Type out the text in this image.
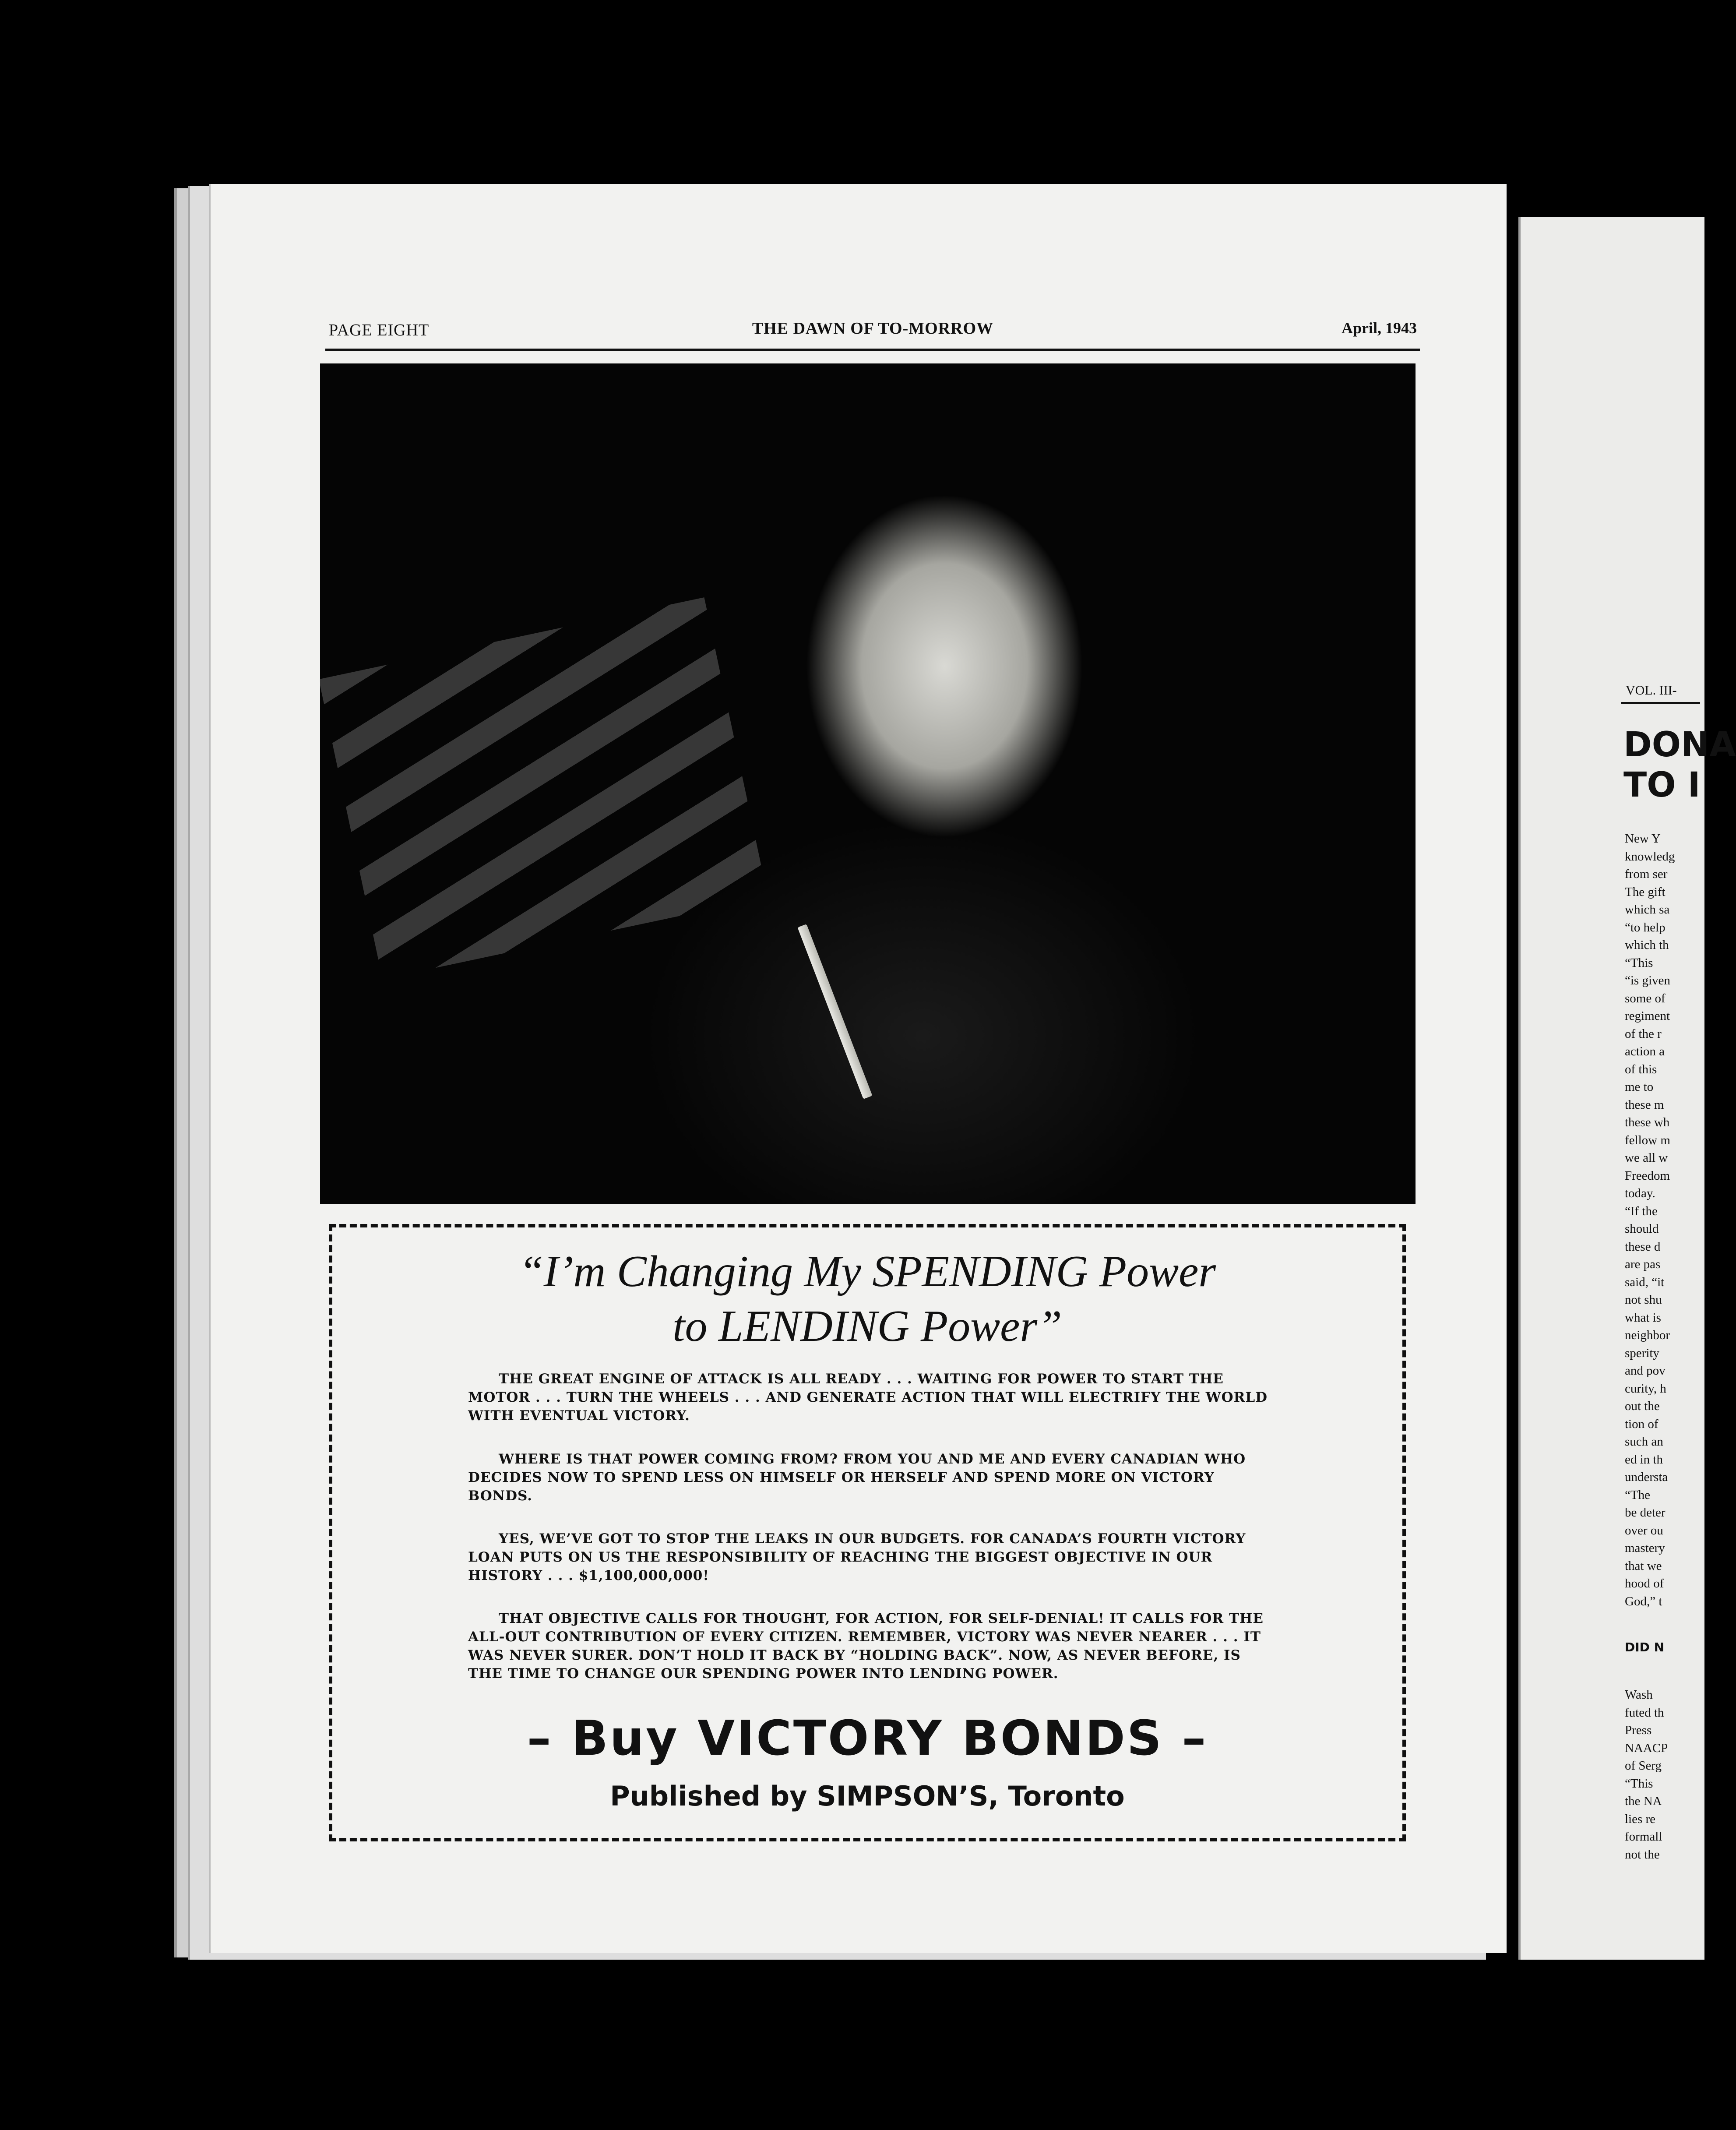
PAGE EIGHT	THE DAWN OF TO-MORROW	April, 1943
“I’m Changing My SPENDING Power
to LENDING Power”

THE GREAT ENGINE OF ATTACK IS ALL READY . . . WAITING FOR POWER TO START THE MOTOR . . . TURN THE WHEELS . . . AND GENERATE ACTION THAT WILL ELECTRIFY THE WORLD WITH EVENTUAL VICTORY.

WHERE IS THAT POWER COMING FROM? FROM YOU AND ME AND EVERY CANADIAN WHO DECIDES NOW TO SPEND LESS ON HIMSELF OR HERSELF AND SPEND MORE ON VICTORY BONDS.

YES, WE’VE GOT TO STOP THE LEAKS IN OUR BUDGETS. FOR CANADA’S FOURTH VICTORY LOAN PUTS ON US THE RESPONSIBILITY OF REACHING THE BIGGEST OBJECTIVE IN OUR HISTORY . . . $1,100,000,000!

THAT OBJECTIVE CALLS FOR THOUGHT, FOR ACTION, FOR SELF-DENIAL! IT CALLS FOR THE ALL-OUT CONTRIBUTION OF EVERY CITIZEN. REMEMBER, VICTORY WAS NEVER NEARER . . . IT WAS NEVER SURER. DON’T HOLD IT BACK BY “HOLDING BACK”. NOW, AS NEVER BEFORE, IS THE TIME TO CHANGE OUR SPENDING POWER INTO LENDING POWER.

– Buy VICTORY BONDS –
Published by SIMPSON’S, Toronto
VOL. III-
DONA
TO I
New Y
knowledg
from ser
The gift
which sa
“to help
which th
“This
“is given
some of
regiment
of the r
action a
of this
me to
these m
these wh
fellow m
we all w
Freedom
today.
“If the
should
these d
are pas
said, “it
not shu
what is
neighbor
sperity
and pov
curity, h
out the
tion of
such an
ed in th
understa
“The
be deter
over ou
mastery
that we
hood of
God,” t
DID N
Wash
futed th
Press
NAACP
of Serg
“This
the NA
lies re
formall
not the
